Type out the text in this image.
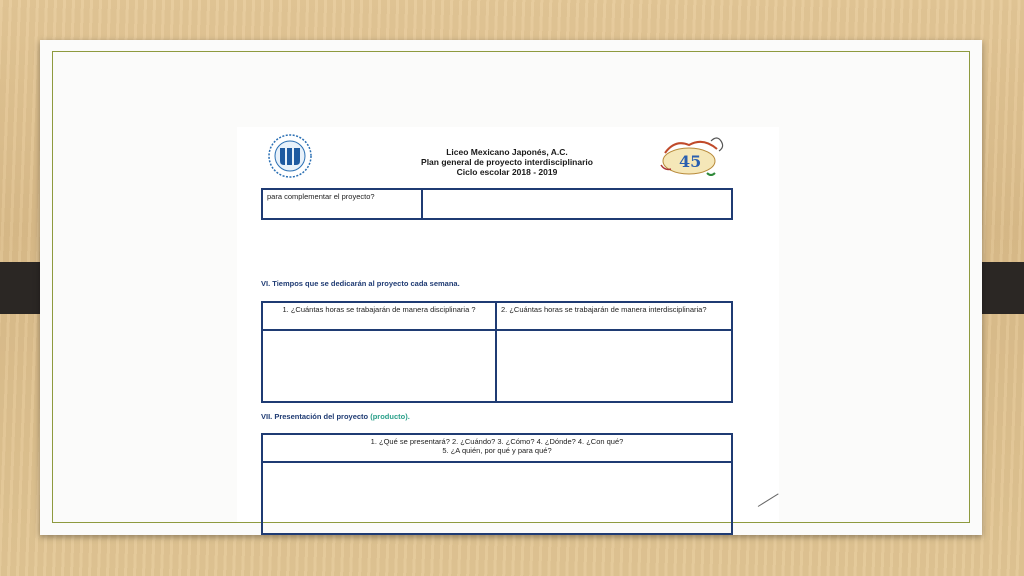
Liceo Mexicano Japonés, A.C.
Plan general de proyecto interdisciplinario
Ciclo escolar 2018 - 2019
45
para complementar el proyecto?	
VI. Tiempos que se dedicarán al proyecto cada semana.
1. ¿Cuántas horas se trabajarán de manera disciplinaria ?	2. ¿Cuántas horas se trabajarán de manera interdisciplinaria?

VII. Presentación del proyecto (producto).
1. ¿Qué se presentará? 2. ¿Cuándo? 3. ¿Cómo? 4. ¿Dónde? 4. ¿Con qué?
5. ¿A quién, por qué y para qué?
